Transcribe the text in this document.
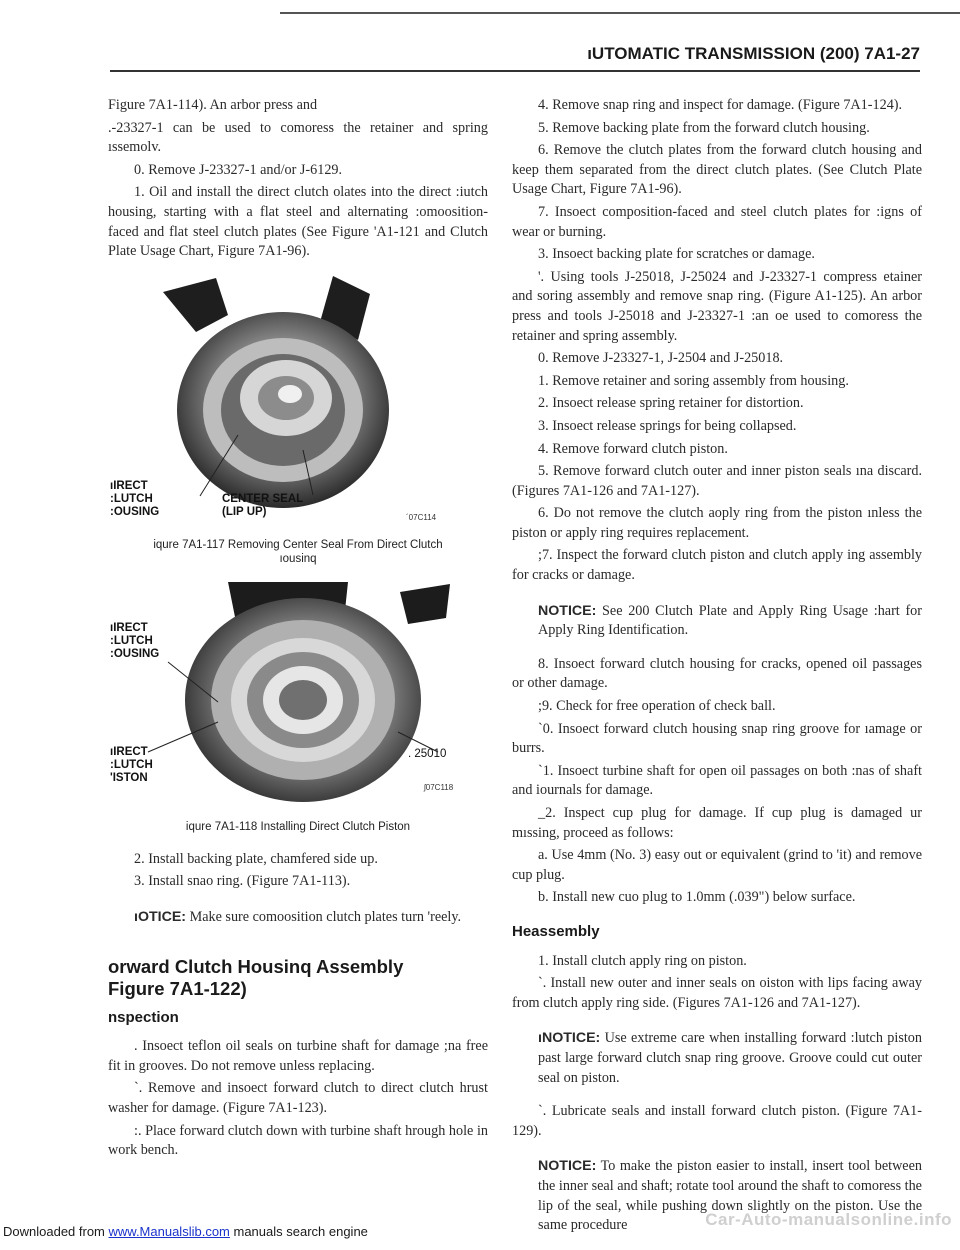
ıUTOMATIC TRANSMISSION (200) 7A1-27

Figure 7A1-114). An arbor press and

.-23327-1 can be used to comoress the retainer and spring ıssemolv.

0. Remove J-23327-1 and/or J-6129.

1. Oil and install the direct clutch olates into the direct :iutch housing, starting with a flat steel and alternating :omoosition-faced and flat steel clutch plates (See Figure 'A1-121 and Clutch Plate Usage Chart, Figure 7A1-96).

ıIRECT
:LUTCH
:OUSING
CENTER SEAL
(LIP UP)	´07C114
iqure 7A1-117 Removing Center Seal From Direct Clutch
ıousinq
ıIRECT
:LUTCH
:OUSING
ıIRECT
:LUTCH
'ISTON
. 25010
ʃ07C118
iqure 7A1-118 Installing Direct Clutch Piston

2. Install backing plate, chamfered side up.

3. Install snao ring. (Figure 7A1-113).

ıOTICE: Make sure comoosition clutch plates turn 'reely.

orward Clutch Housinq Assembly
Figure 7A1-122)
nspection

. Insoect teflon oil seals on turbine shaft for damage ;na free fit in grooves. Do not remove unless replacing.

`. Remove and insoect forward clutch to direct clutch hrust washer for damage. (Figure 7A1-123).

:. Place forward clutch down with turbine shaft hrough hole in work bench.

4. Remove snap ring and inspect for damage. (Figure 7A1-124).

5. Remove backing plate from the forward clutch housing.

6. Remove the clutch plates from the forward clutch housing and keep them separated from the direct clutch plates. (See Clutch Plate Usage Chart, Figure 7A1-96).

7. Insoect composition-faced and steel clutch plates for :igns of wear or burning.

3. Insoect backing plate for scratches or damage.

'. Using tools J-25018, J-25024 and J-23327-1 compress etainer and soring assembly and remove snap ring. (Figure A1-125). An arbor press and tools J-25018 and J-23327-1 :an oe used to comoress the retainer and spring assembly.

0. Remove J-23327-1, J-2504 and J-25018.

1. Remove retainer and soring assembly from housing.

2. Insoect release spring retainer for distortion.

3. Insoect release springs for being collapsed.

4. Remove forward clutch piston.

5. Remove forward clutch outer and inner piston seals ına discard. (Figures 7A1-126 and 7A1-127).

6. Do not remove the clutch aoply ring from the piston ınless the piston or apply ring requires replacement.

;7. Inspect the forward clutch piston and clutch apply ing assembly for cracks or damage.

NOTICE: See 200 Clutch Plate and Apply Ring Usage :hart for Apply Ring Identification.

8. Insoect forward clutch housing for cracks, opened oil passages or other damage.

;9. Check for free operation of check ball.

`0. Insoect forward clutch housing snap ring groove for ıamage or burrs.

`1. Insoect turbine shaft for open oil passages on both :nas of shaft and iournals for damage.

_2. Inspect cup plug for damage. If cup plug is damaged ur mıssing, proceed as follows:

a. Use 4mm (No. 3) easy out or equivalent (grind to 'it) and remove cup plug.

b. Install new cuo plug to 1.0mm (.039") below surface.

Heassembly

1. Install clutch apply ring on piston.

`. Install new outer and inner seals on oiston with lips facing away from clutch apply ring side. (Figures 7A1-126 and 7A1-127).

ıNOTICE: Use extreme care when installing forward :lutch piston past large forward clutch snap ring groove. Groove could cut outer seal on piston.

`. Lubricate seals and install forward clutch piston. (Figure 7A1-129).

NOTICE: To make the piston easier to install, insert tool between the inner seal and shaft; rotate tool around the shaft to comoress the lip of the seal, while pushing down slightly on the piston. Use the same procedure	Car-Auto-manualsonline.info
Downloaded from www.Manualslib.com manuals search engine
